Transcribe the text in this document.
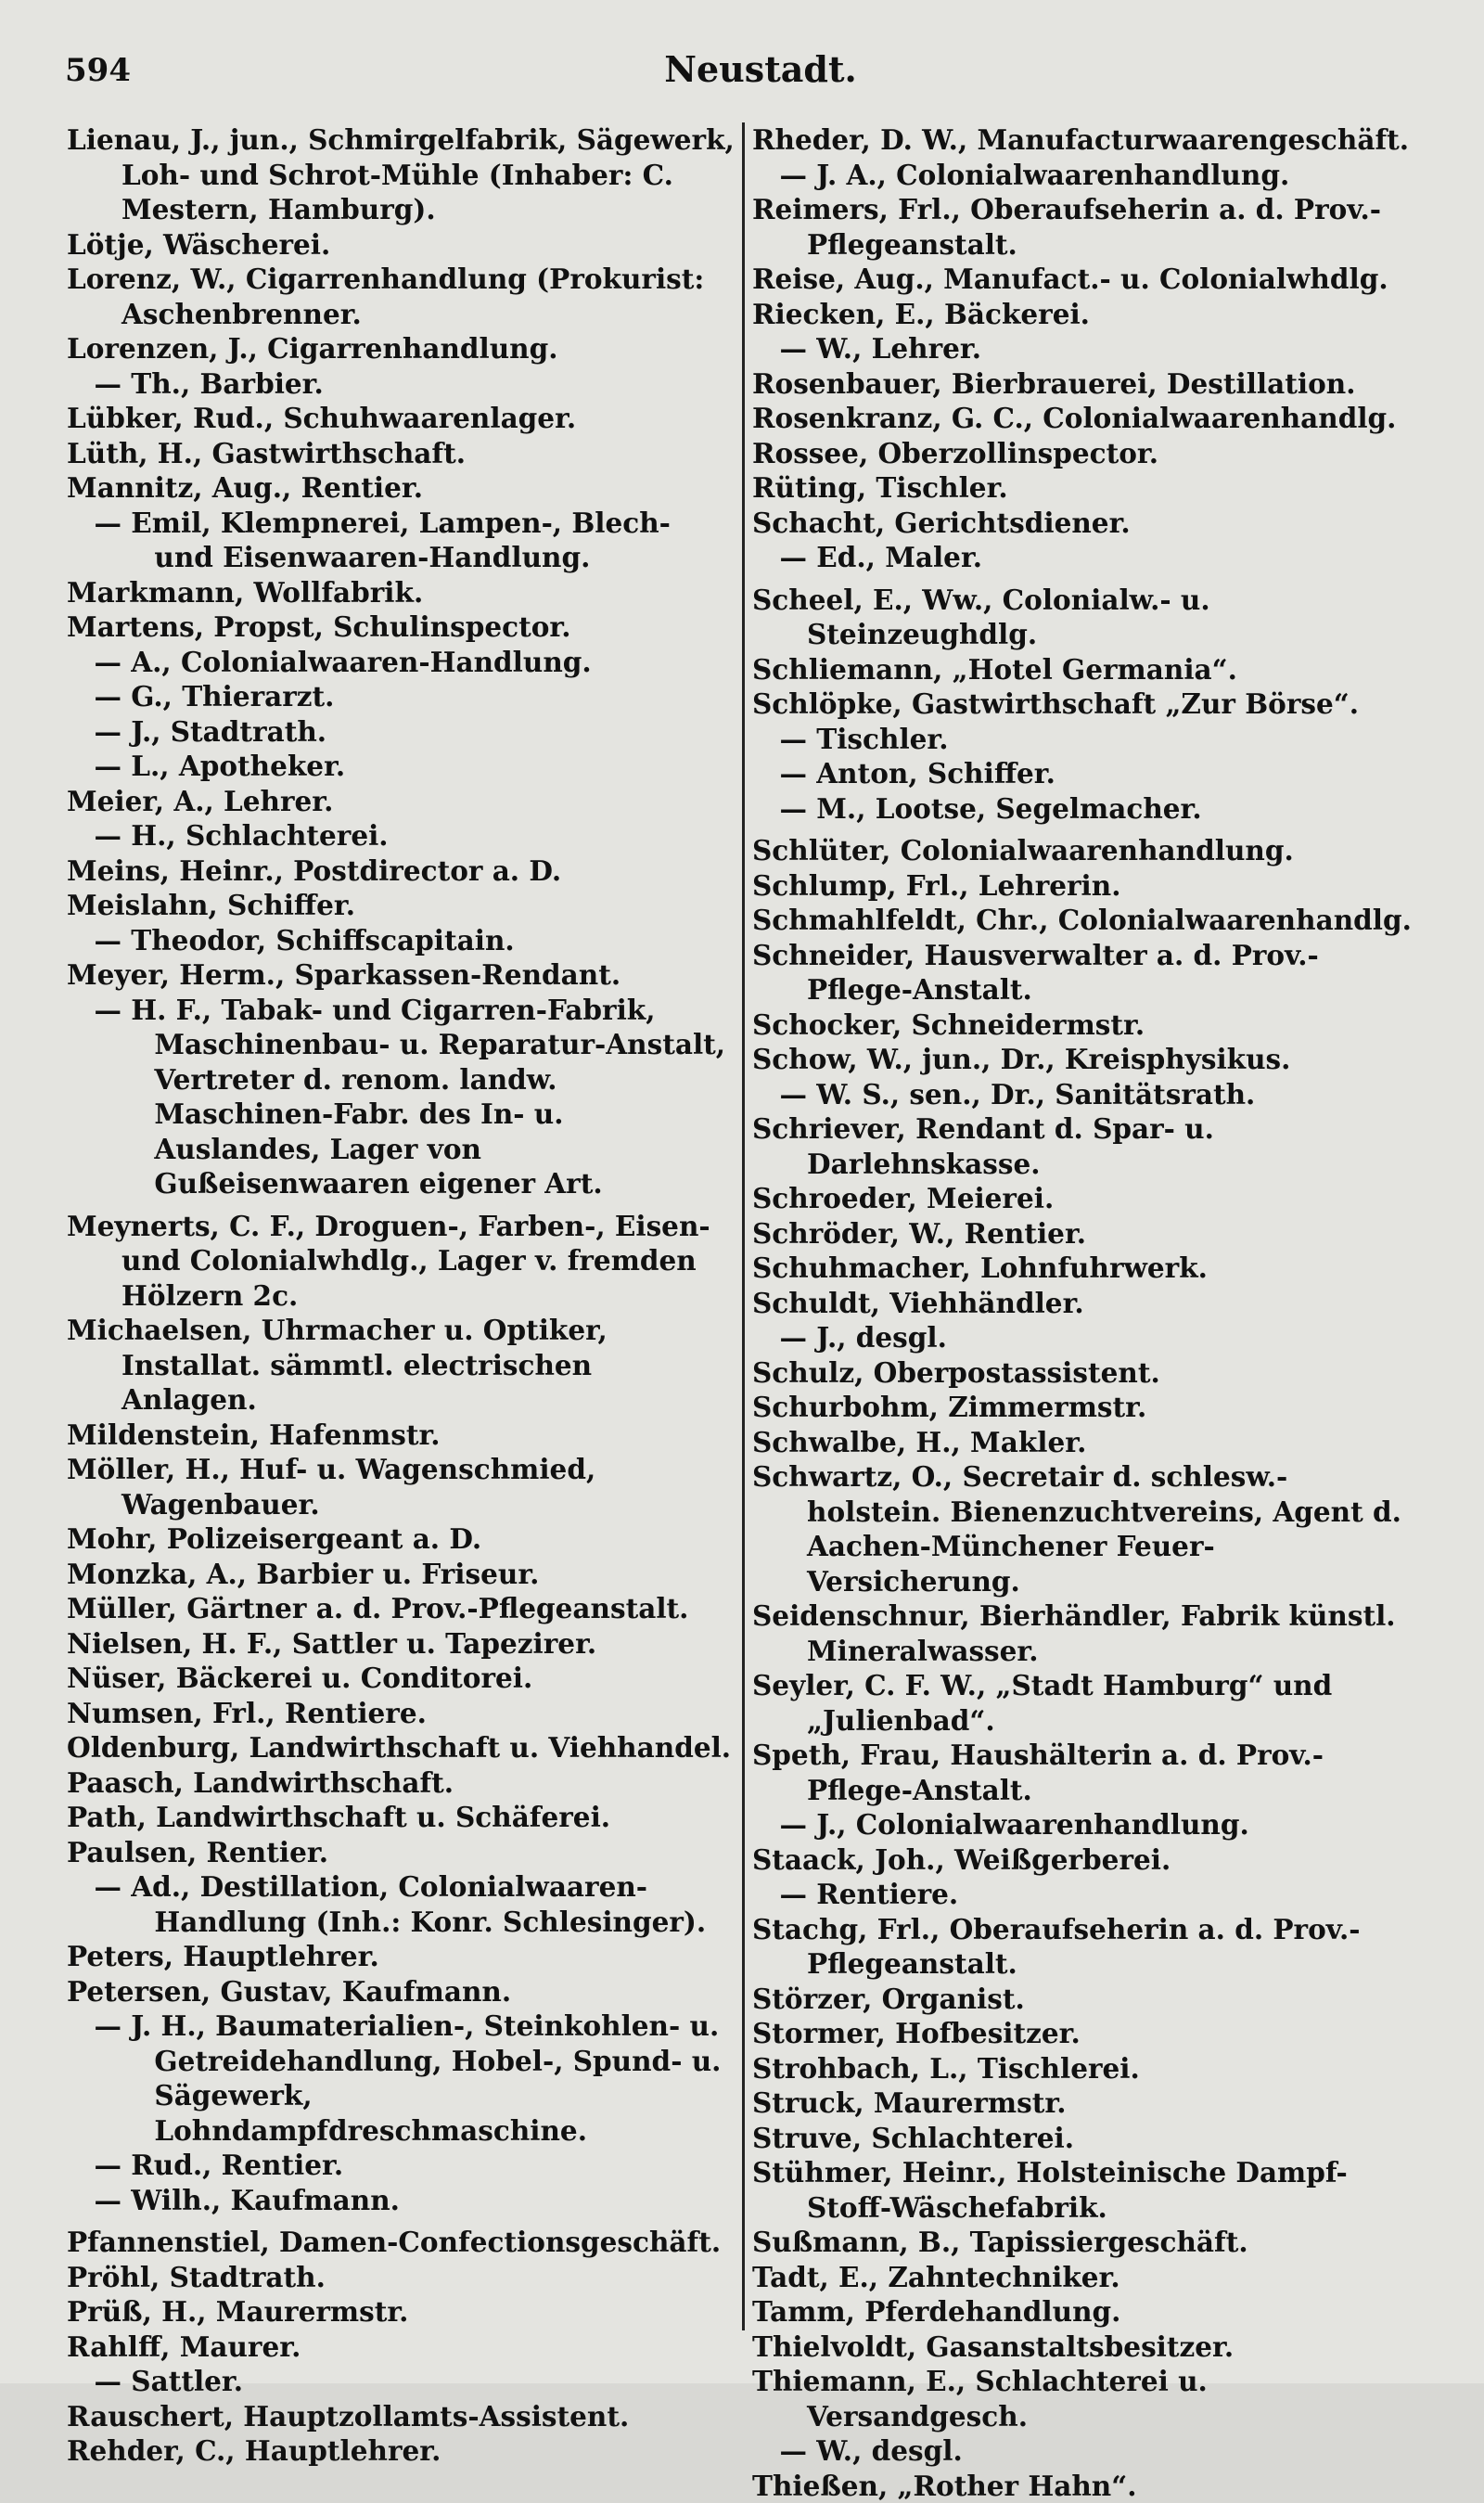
594	Neustadt.

Lienau, J., jun., Schmirgelfabrik, Sägewerk, Loh- und Schrot-Mühle (Inhaber: C. Mestern, Hamburg).

Lötje, Wäscherei.

Lorenz, W., Cigarrenhandlung (Prokurist: Aschenbrenner.

Lorenzen, J., Cigarrenhandlung.

— Th., Barbier.

Lübker, Rud., Schuhwaarenlager.

Lüth, H., Gastwirthschaft.

Mannitz, Aug., Rentier.

— Emil, Klempnerei, Lampen-, Blech- und Eisenwaaren-Handlung.

Markmann, Wollfabrik.

Martens, Propst, Schulinspector.

— A., Colonialwaaren-Handlung.

— G., Thierarzt.

— J., Stadtrath.

— L., Apotheker.

Meier, A., Lehrer.

— H., Schlachterei.

Meins, Heinr., Postdirector a. D.

Meislahn, Schiffer.

— Theodor, Schiffscapitain.

Meyer, Herm., Sparkassen-Rendant.

— H. F., Tabak- und Cigarren-Fabrik, Maschinenbau- u. Reparatur-Anstalt, Vertreter d. renom. landw. Maschinen-Fabr. des In- u. Auslandes, Lager von Gußeisenwaaren eigener Art.

Meynerts, C. F., Droguen-, Farben-, Eisen- und Colonialwhdlg., Lager v. fremden Hölzern 2c.

Michaelsen, Uhrmacher u. Optiker, Installat. sämmtl. electrischen Anlagen.

Mildenstein, Hafenmstr.

Möller, H., Huf- u. Wagenschmied, Wagenbauer.

Mohr, Polizeisergeant a. D.

Monzka, A., Barbier u. Friseur.

Müller, Gärtner a. d. Prov.-Pflegeanstalt.

Nielsen, H. F., Sattler u. Tapezirer.

Nüser, Bäckerei u. Conditorei.

Numsen, Frl., Rentiere.

Oldenburg, Landwirthschaft u. Viehhandel.

Paasch, Landwirthschaft.

Path, Landwirthschaft u. Schäferei.

Paulsen, Rentier.

— Ad., Destillation, Colonialwaaren-Handlung (Inh.: Konr. Schlesinger).

Peters, Hauptlehrer.

Petersen, Gustav, Kaufmann.

— J. H., Baumaterialien-, Steinkohlen- u. Getreidehandlung, Hobel-, Spund- u. Sägewerk, Lohndampfdreschmaschine.

— Rud., Rentier.

— Wilh., Kaufmann.

Pfannenstiel, Damen-Confectionsgeschäft.

Pröhl, Stadtrath.

Prüß, H., Maurermstr.

Rahlff, Maurer.

— Sattler.

Rauschert, Hauptzollamts-Assistent.

Rehder, C., Hauptlehrer.

Rheder, D. W., Manufacturwaarengeschäft.

— J. A., Colonialwaarenhandlung.

Reimers, Frl., Oberaufseherin a. d. Prov.-Pflegeanstalt.

Reise, Aug., Manufact.- u. Colonialwhdlg.

Riecken, E., Bäckerei.

— W., Lehrer.

Rosenbauer, Bierbrauerei, Destillation.

Rosenkranz, G. C., Colonialwaarenhandlg.

Rossee, Oberzollinspector.

Rüting, Tischler.

Schacht, Gerichtsdiener.

— Ed., Maler.

Scheel, E., Ww., Colonialw.- u. Steinzeughdlg.

Schliemann, „Hotel Germania“.

Schlöpke, Gastwirthschaft „Zur Börse“.

— Tischler.

— Anton, Schiffer.

— M., Lootse, Segelmacher.

Schlüter, Colonialwaarenhandlung.

Schlump, Frl., Lehrerin.

Schmahlfeldt, Chr., Colonialwaarenhandlg.

Schneider, Hausverwalter a. d. Prov.-Pflege-Anstalt.

Schocker, Schneidermstr.

Schow, W., jun., Dr., Kreisphysikus.

— W. S., sen., Dr., Sanitätsrath.

Schriever, Rendant d. Spar- u. Darlehnskasse.

Schroeder, Meierei.

Schröder, W., Rentier.

Schuhmacher, Lohnfuhrwerk.

Schuldt, Viehhändler.

— J., desgl.

Schulz, Oberpostassistent.

Schurbohm, Zimmermstr.

Schwalbe, H., Makler.

Schwartz, O., Secretair d. schlesw.-holstein. Bienenzuchtvereins, Agent d. Aachen-Münchener Feuer-Versicherung.

Seidenschnur, Bierhändler, Fabrik künstl. Mineralwasser.

Seyler, C. F. W., „Stadt Hamburg“ und „Julienbad“.

Speth, Frau, Haushälterin a. d. Prov.-Pflege-Anstalt.

— J., Colonialwaarenhandlung.

Staack, Joh., Weißgerberei.

— Rentiere.

Stachg, Frl., Oberaufseherin a. d. Prov.-Pflegeanstalt.

Störzer, Organist.

Stormer, Hofbesitzer.

Strohbach, L., Tischlerei.

Struck, Maurermstr.

Struve, Schlachterei.

Stühmer, Heinr., Holsteinische Dampf-Stoff-Wäschefabrik.

Sußmann, B., Tapissiergeschäft.

Tadt, E., Zahntechniker.

Tamm, Pferdehandlung.

Thielvoldt, Gasanstaltsbesitzer.

Thiemann, E., Schlachterei u. Versandgesch.

— W., desgl.

Thießen, „Rother Hahn“.
